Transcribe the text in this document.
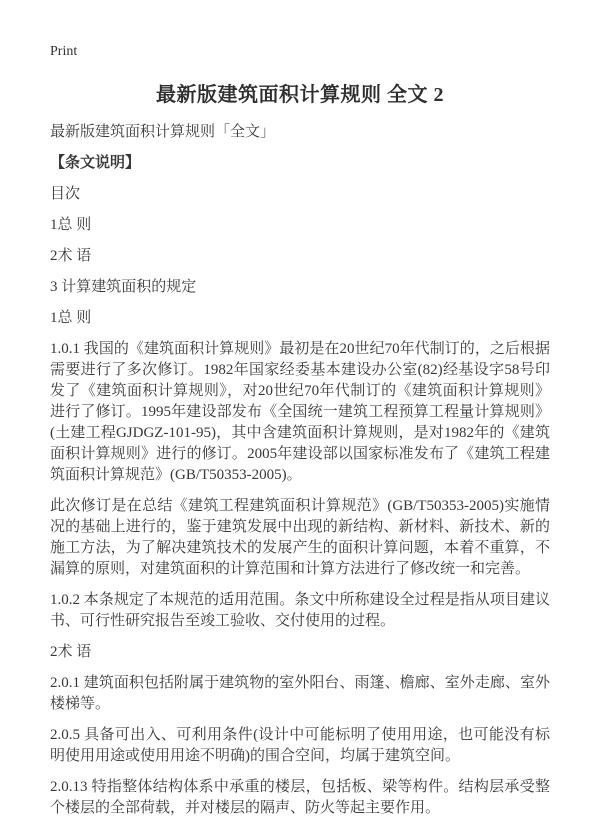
Print
最新版建筑面积计算规则 全文 2

最新版建筑面积计算规则「全文」

【条文说明】

目次

1总 则

2术 语

3 计算建筑面积的规定

1总 则

1.0.1 我国的《建筑面积计算规则》最初是在20世纪70年代制订的，之后根据需要进行了多次修订。1982年国家经委基本建设办公室(82)经基设字58号印发了《建筑面积计算规则》，对20世纪70年代制订的《建筑面积计算规则》进行了修订。1995年建设部发布《全国统一建筑工程预算工程量计算规则》(土建工程GJDGZ-101-95)，其中含建筑面积计算规则，是对1982年的《建筑面积计算规则》进行的修订。2005年建设部以国家标准发布了《建筑工程建筑面积计算规范》(GB/T50353-2005)。

此次修订是在总结《建筑工程建筑面积计算规范》(GB/T50353-2005)实施情况的基础上进行的，鉴于建筑发展中出现的新结构、新材料、新技术、新的施工方法，为了解决建筑技术的发展产生的面积计算问题，本着不重算，不漏算的原则，对建筑面积的计算范围和计算方法进行了修改统一和完善。

1.0.2 本条规定了本规范的适用范围。条文中所称建设全过程是指从项目建议书、可行性研究报告至竣工验收、交付使用的过程。

2术 语

2.0.1 建筑面积包括附属于建筑物的室外阳台、雨篷、檐廊、室外走廊、室外楼梯等。

2.0.5 具备可出入、可利用条件(设计中可能标明了使用用途，也可能没有标明使用用途或使用用途不明确)的围合空间，均属于建筑空间。

2.0.13 特指整体结构体系中承重的楼层，包括板、梁等构件。结构层承受整个楼层的全部荷载，并对楼层的隔声、防火等起主要作用。
